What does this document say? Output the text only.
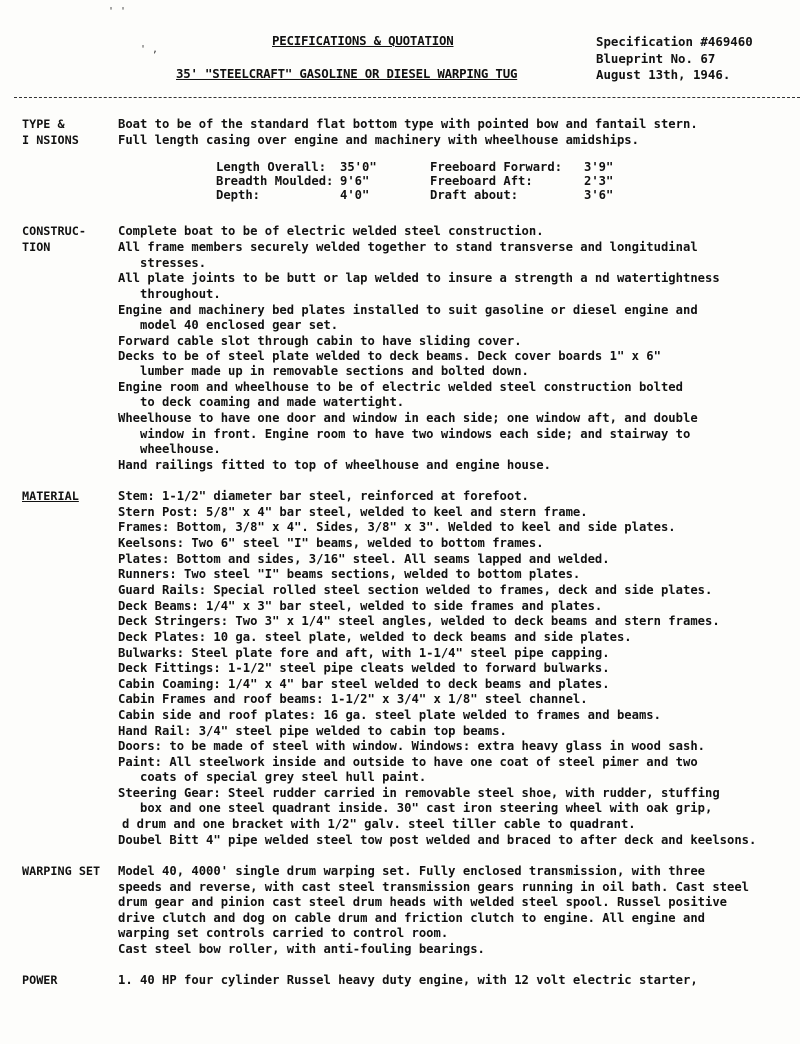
' '
' ,
PECIFICATIONS & QUOTATION
35' "STEELCRAFT" GASOLINE OR DIESEL WARPING TUG
Specification #469460
Blueprint No. 67
August 13th, 1946.
TYPE &
I NSIONS
Boat to be of the standard flat bottom type with pointed bow and fantail stern.
Full length casing over engine and machinery with wheelhouse amidships.
Length Overall:	35'0"	Freeboard Forward:	3'9"
Breadth Moulded:	9'6"	Freeboard Aft:	2'3"
Depth:	4'0"	Draft about:	3'6"
CONSTRUC-
TION
Complete boat to be of electric welded steel construction.
All frame members securely welded together to stand transverse and longitudinal
stresses.
All plate joints to be butt or lap welded to insure a strength a nd watertightness
throughout.
Engine and machinery bed plates installed to suit gasoline or diesel engine and
model 40 enclosed gear set.
Forward cable slot through cabin to have sliding cover.
Decks to be of steel plate welded to deck beams. Deck cover boards 1" x 6"
lumber made up in removable sections and bolted down.
Engine room and wheelhouse to be of electric welded steel construction bolted
to deck coaming and made watertight.
Wheelhouse to have one door and window in each side; one window aft, and double
window in front. Engine room to have two windows each side; and stairway to
wheelhouse.
Hand railings fitted to top of wheelhouse and engine house.
MATERIAL	Stem: 1-1/2" diameter bar steel, reinforced at forefoot.
Stern Post: 5/8" x 4" bar steel, welded to keel and stern frame.
Frames: Bottom, 3/8" x 4". Sides, 3/8" x 3". Welded to keel and side plates.
Keelsons: Two 6" steel "I" beams, welded to bottom frames.
Plates: Bottom and sides, 3/16" steel. All seams lapped and welded.
Runners: Two steel "I" beams sections, welded to bottom plates.
Guard Rails: Special rolled steel section welded to frames, deck and side plates.
Deck Beams: 1/4" x 3" bar steel, welded to side frames and plates.
Deck Stringers: Two 3" x 1/4" steel angles, welded to deck beams and stern frames.
Deck Plates: 10 ga. steel plate, welded to deck beams and side plates.
Bulwarks: Steel plate fore and aft, with 1-1/4" steel pipe capping.
Deck Fittings: 1-1/2" steel pipe cleats welded to forward bulwarks.
Cabin Coaming: 1/4" x 4" bar steel welded to deck beams and plates.
Cabin Frames and roof beams: 1-1/2" x 3/4" x 1/8" steel channel.
Cabin side and roof plates: 16 ga. steel plate welded to frames and beams.
Hand Rail: 3/4" steel pipe welded to cabin top beams.
Doors: to be made of steel with window. Windows: extra heavy glass in wood sash.
Paint: All steelwork inside and outside to have one coat of steel pimer and two
coats of special grey steel hull paint.
Steering Gear: Steel rudder carried in removable steel shoe, with rudder, stuffing
box and one steel quadrant inside. 30" cast iron steering wheel with oak grip,
d drum and one bracket with 1/2" galv. steel tiller cable to quadrant.
Doubel Bitt 4" pipe welded steel tow post welded and braced to after deck and keelsons.
WARPING SET Model 40, 4000' single drum warping set. Fully enclosed transmission, with three
speeds and reverse, with cast steel transmission gears running in oil bath. Cast steel
drum gear and pinion cast steel drum heads with welded steel spool. Russel positive
drive clutch and dog on cable drum and friction clutch to engine. All engine and
warping set controls carried to control room.
Cast steel bow roller, with anti-fouling bearings.
POWER	1. 40 HP four cylinder Russel heavy duty engine, with 12 volt electric starter,
